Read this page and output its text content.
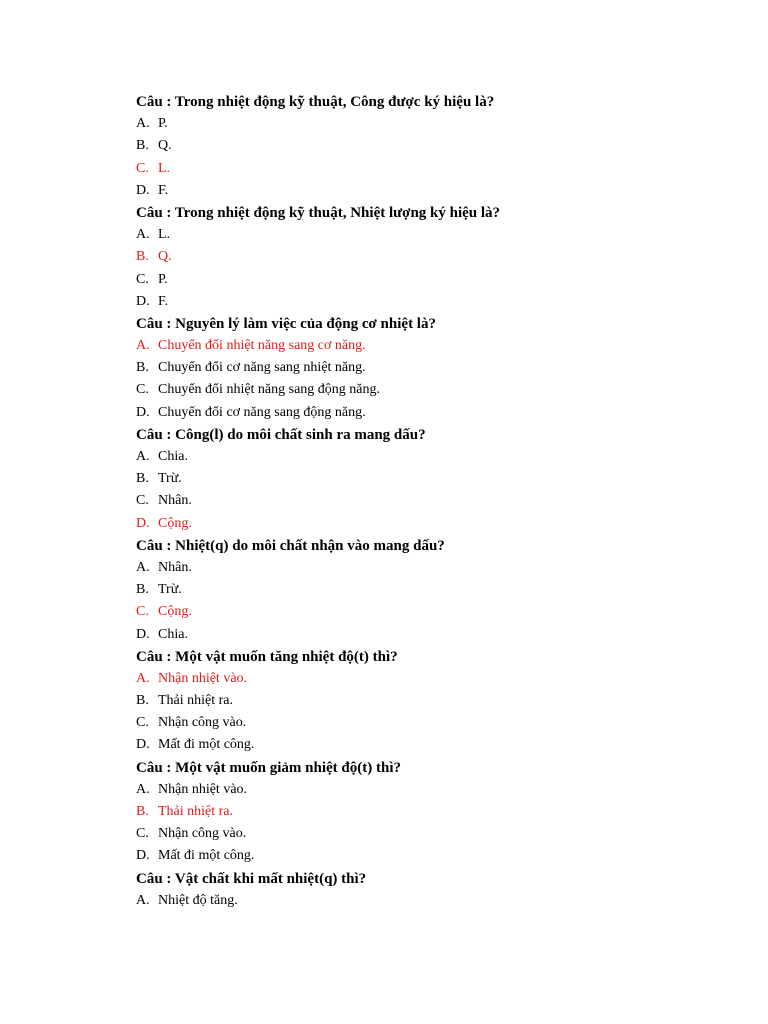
Câu : Trong nhiệt động kỹ thuật, Công được ký hiệu là?
A. P.
B. Q.
C. L.
D. F.
Câu : Trong nhiệt động kỹ thuật, Nhiệt lượng ký hiệu là?
A. L.
B. Q.
C. P.
D. F.
Câu : Nguyên lý làm việc của động cơ nhiệt là?
A. Chuyển đổi nhiệt năng sang cơ năng.
B. Chuyển đổi cơ năng sang nhiệt năng.
C. Chuyển đổi nhiệt năng sang động năng.
D. Chuyển đổi cơ năng sang động năng.
Câu : Công(l) do môi chất sinh ra mang dấu?
A. Chia.
B. Trừ.
C. Nhân.
D. Cộng.
Câu : Nhiệt(q) do môi chất nhận vào mang dấu?
A. Nhân.
B. Trừ.
C. Cộng.
D. Chia.
Câu : Một vật muốn tăng nhiệt độ(t) thì?
A. Nhận nhiệt vào.
B. Thải nhiệt ra.
C. Nhận công vào.
D. Mất đi một công.
Câu : Một vật muốn giảm nhiệt độ(t) thì?
A. Nhận nhiệt vào.
B. Thải nhiệt ra.
C. Nhận công vào.
D. Mất đi một công.
Câu : Vật chất khi mất nhiệt(q) thì?
A. Nhiệt độ tăng.
